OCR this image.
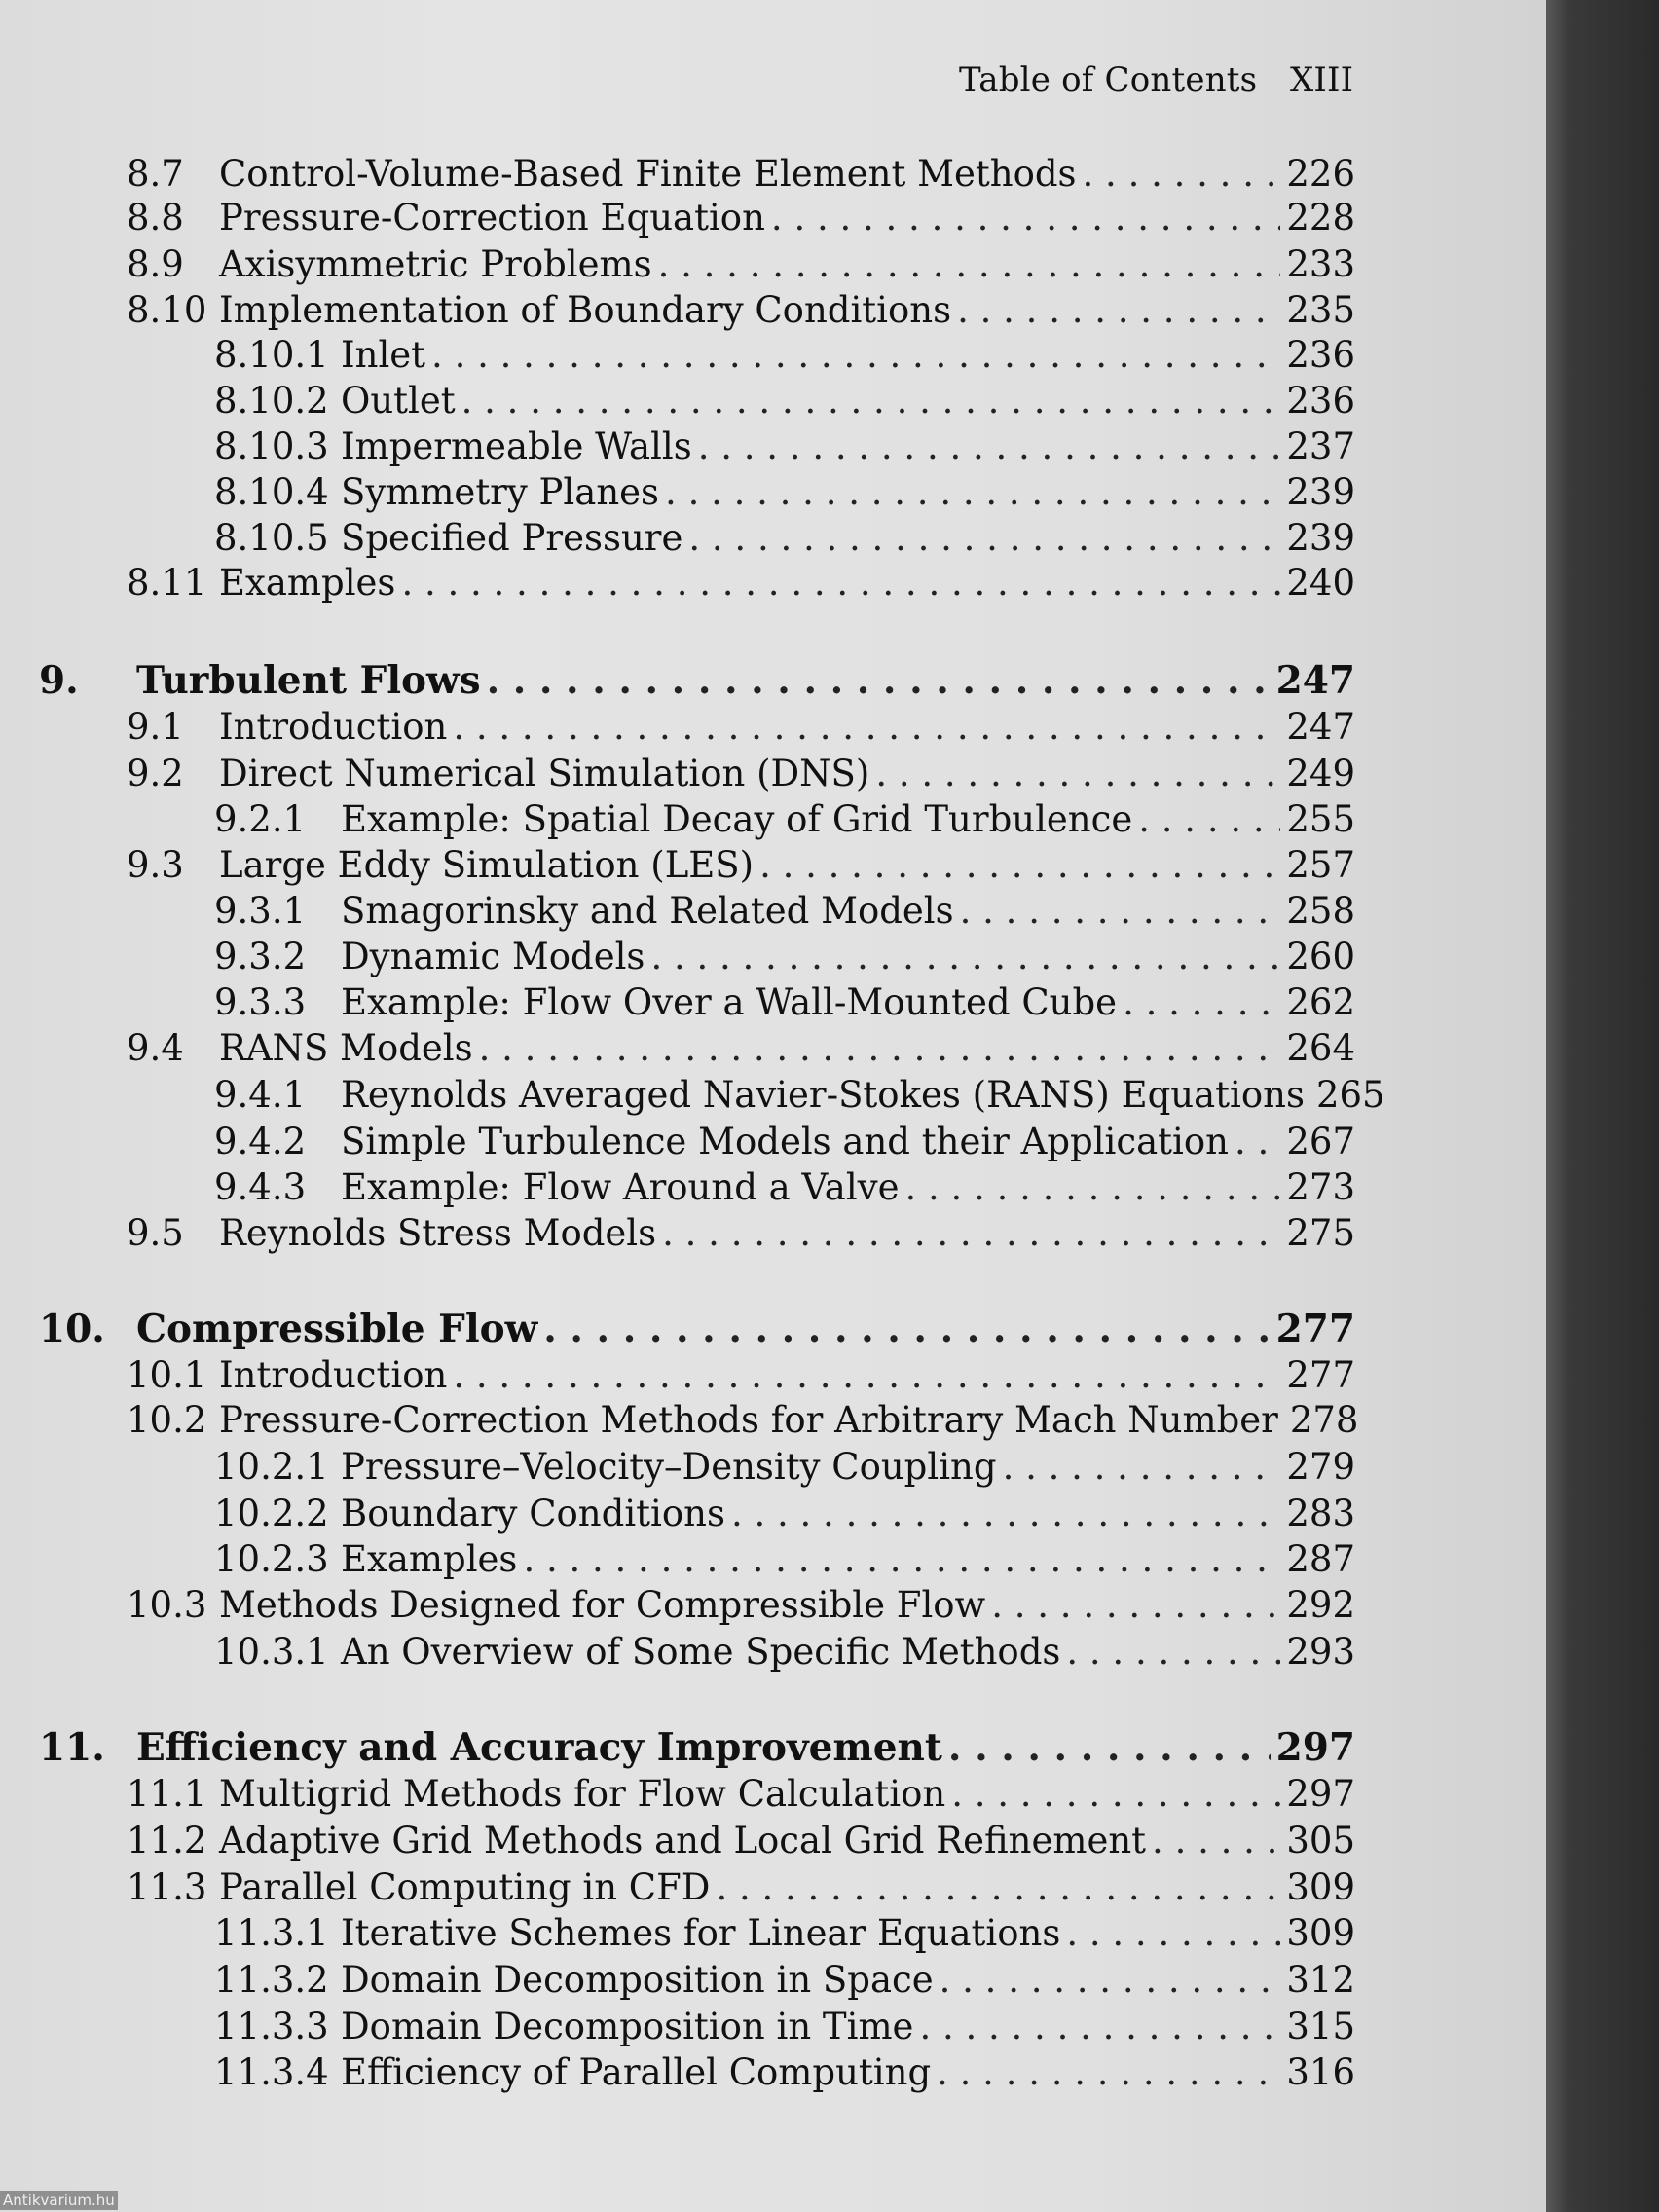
Table of Contents XIII
8.7 Control-Volume-Based Finite Element Methods . . .	226
8.8 Pressure-Correction Equation . . .	228
8.9 Axisymmetric Problems . . .	233
8.10 Implementation of Boundary Conditions . . .	235
8.10.1 Inlet . . .	236
8.10.2 Outlet . . .	236
8.10.3 Impermeable Walls . . .	237
8.10.4 Symmetry Planes . . .	239
8.10.5 Specified Pressure . . .	239
8.11 Examples . . .	240
9.	Turbulent Flows . . .	247
9.1 Introduction . . .	247
9.2 Direct Numerical Simulation (DNS) . . .	249
9.2.1 Example: Spatial Decay of Grid Turbulence . . .	255
9.3 Large Eddy Simulation (LES) . . .	257
9.3.1 Smagorinsky and Related Models . . .	258
9.3.2 Dynamic Models . . .	260
9.3.3 Example: Flow Over a Wall-Mounted Cube . . .	262
9.4 RANS Models . . .	264
9.4.1 Reynolds Averaged Navier-Stokes (RANS) Equations 265
9.4.2 Simple Turbulence Models and their Application . . . 267
9.4.3 Example: Flow Around a Valve . . .	273
9.5 Reynolds Stress Models . . .	275
10. Compressible Flow . . .	277
10.1 Introduction . . .	277
10.2 Pressure-Correction Methods for Arbitrary Mach Number 278
10.2.1 Pressure–Velocity–Density Coupling . . .	279
10.2.2 Boundary Conditions . . .	283
10.2.3 Examples . . .	287
10.3 Methods Designed for Compressible Flow . . .	292
10.3.1 An Overview of Some Specific Methods . . .	293
11. Efficiency and Accuracy Improvement . . .	297
11.1 Multigrid Methods for Flow Calculation . . .	297
11.2 Adaptive Grid Methods and Local Grid Refinement . . .	305
11.3 Parallel Computing in CFD . . .	309
11.3.1 Iterative Schemes for Linear Equations . . .	309
11.3.2 Domain Decomposition in Space . . .	312
11.3.3 Domain Decomposition in Time . . .	315
11.3.4 Efficiency of Parallel Computing . . .	316
Antikvarium.hu
